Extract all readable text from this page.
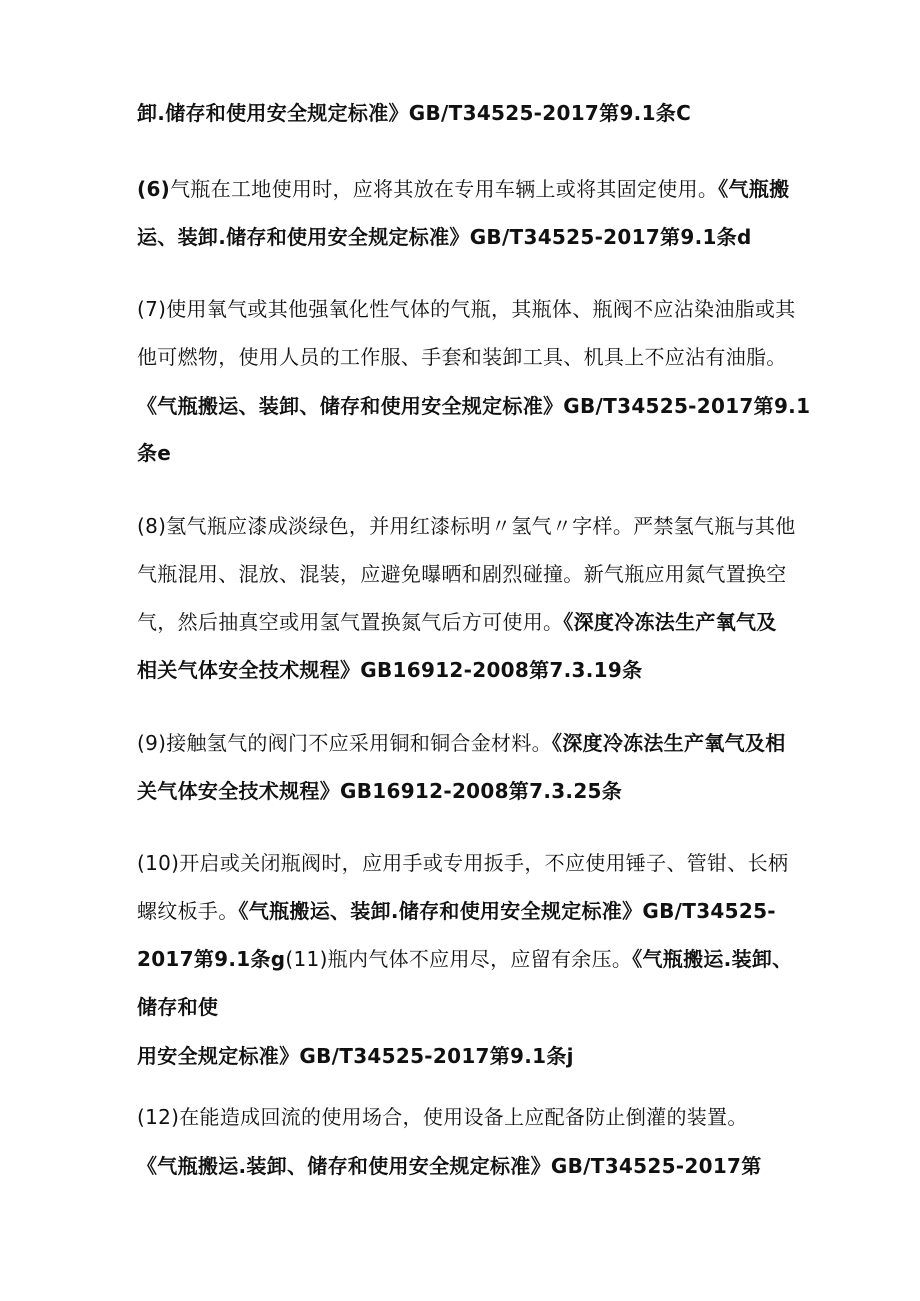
卸.储存和使用安全规定标准》GB/T34525-2017第9.1条C
(6)气瓶在工地使用时，应将其放在专用车辆上或将其固定使用。《气瓶搬
运、装卸.储存和使用安全规定标准》GB/T34525-2017第9.1条d
(7)使用氧气或其他强氧化性气体的气瓶，其瓶体、瓶阀不应沾染油脂或其
他可燃物，使用人员的工作服、手套和装卸工具、机具上不应沾有油脂。
《气瓶搬运、装卸、储存和使用安全规定标准》GB/T34525-2017第9.1
条e
(8)氢气瓶应漆成淡绿色，并用红漆标明〃氢气〃字样。严禁氢气瓶与其他
气瓶混用、混放、混装，应避免曝晒和剧烈碰撞。新气瓶应用氮气置换空
气，然后抽真空或用氢气置换氮气后方可使用。《深度冷冻法生产氧气及
相关气体安全技术规程》GB16912-2008第7.3.19条
(9)接触氢气的阀门不应采用铜和铜合金材料。《深度冷冻法生产氧气及相
关气体安全技术规程》GB16912-2008第7.3.25条
(10)开启或关闭瓶阀时，应用手或专用扳手，不应使用锤子、管钳、长柄
螺纹板手。《气瓶搬运、装卸.储存和使用安全规定标准》GB/T34525-
2017第9.1条g(11)瓶内气体不应用尽，应留有余压。《气瓶搬运.装卸、
储存和使
用安全规定标准》GB/T34525-2017第9.1条j
(12)在能造成回流的使用场合，使用设备上应配备防止倒灌的装置。
《气瓶搬运.装卸、储存和使用安全规定标准》GB/T34525-2017第
